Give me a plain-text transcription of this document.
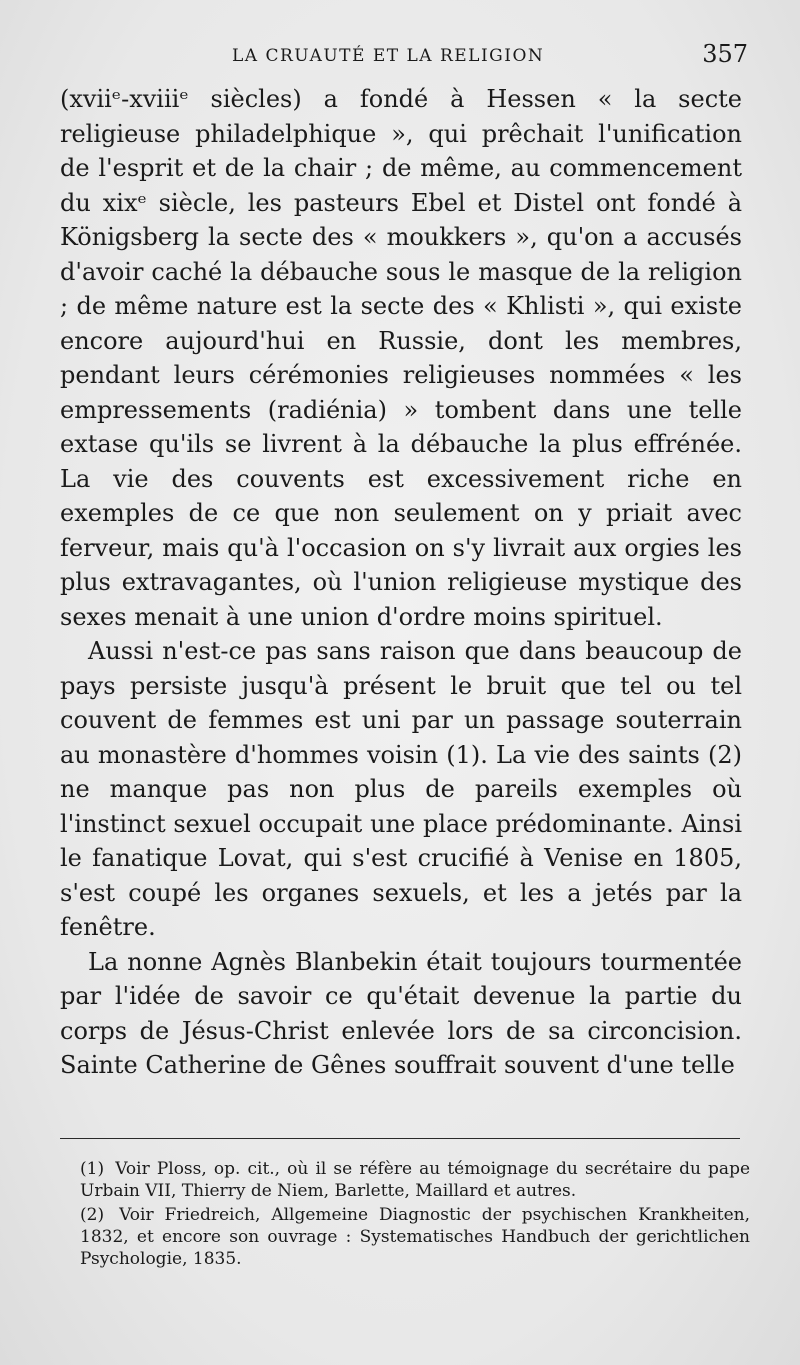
LA CRUAUTÉ ET LA RELIGION	357

(xviiᵉ-xviiiᵉ siècles) a fondé à Hessen « la secte religieuse philadelphique », qui prêchait l'unification de l'esprit et de la chair ; de même, au commencement du xixᵉ siècle, les pasteurs Ebel et Distel ont fondé à Königsberg la secte des « moukkers », qu'on a accusés d'avoir caché la débauche sous le masque de la religion ; de même nature est la secte des « Khlisti », qui existe encore aujourd'hui en Russie, dont les membres, pendant leurs cérémonies religieuses nommées « les empressements (radiénia) » tombent dans une telle extase qu'ils se livrent à la débauche la plus effrénée. La vie des couvents est excessivement riche en exemples de ce que non seulement on y priait avec ferveur, mais qu'à l'occasion on s'y livrait aux orgies les plus extravagantes, où l'union religieuse mystique des sexes menait à une union d'ordre moins spirituel.

Aussi n'est-ce pas sans raison que dans beaucoup de pays persiste jusqu'à présent le bruit que tel ou tel couvent de femmes est uni par un passage souterrain au monastère d'hommes voisin (1). La vie des saints (2) ne manque pas non plus de pareils exemples où l'instinct sexuel occupait une place prédominante. Ainsi le fanatique Lovat, qui s'est crucifié à Venise en 1805, s'est coupé les organes sexuels, et les a jetés par la fenêtre.

La nonne Agnès Blanbekin était toujours tourmentée par l'idée de savoir ce qu'était devenue la partie du corps de Jésus-Christ enlevée lors de sa circoncision. Sainte Catherine de Gênes souffrait souvent d'une telle

(1) Voir Ploss, op. cit., où il se réfère au témoignage du secrétaire du pape Urbain VII, Thierry de Niem, Barlette, Maillard et autres.

(2) Voir Friedreich, Allgemeine Diagnostic der psychischen Krankheiten, 1832, et encore son ouvrage : Systematisches Handbuch der gerichtlichen Psychologie, 1835.
